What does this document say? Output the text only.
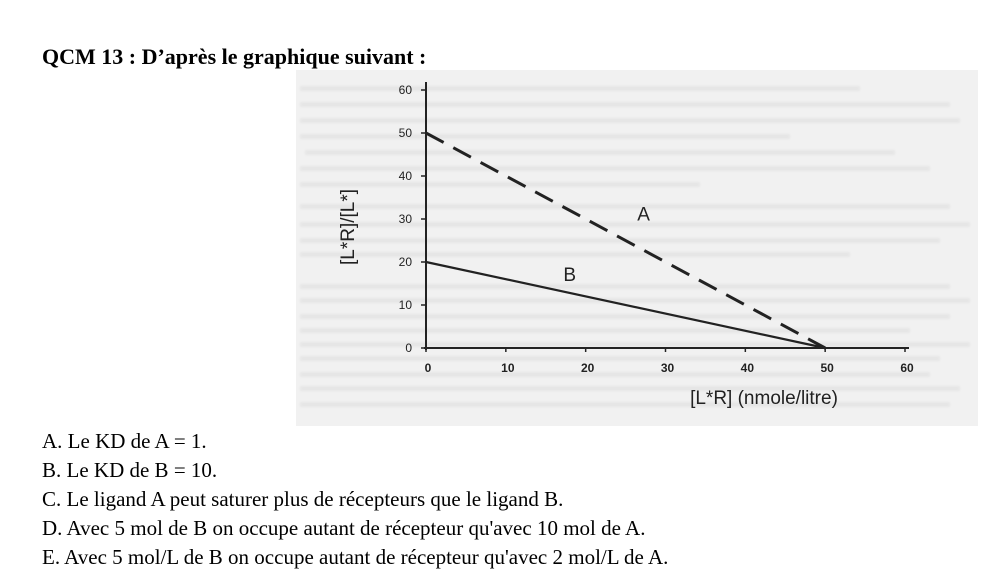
QCM 13 : D’après le graphique suivant :
0
10
20
30
40
50
60
0	10	20	30	40	50	60
[L*R] (nmole/litre)
[L*R]/[L*]	A
B
A. Le KD de A = 1.
B. Le KD de B = 10.
C. Le ligand A peut saturer plus de récepteurs que le ligand B.
D. Avec 5 mol de B on occupe autant de récepteur qu'avec 10 mol de A.
E. Avec 5 mol/L de B on occupe autant de récepteur qu'avec 2 mol/L de A.
